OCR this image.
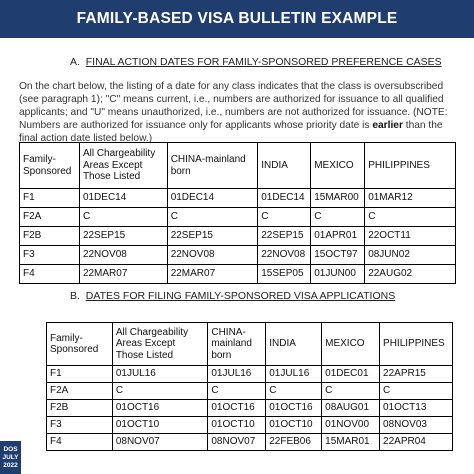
FAMILY-BASED VISA BULLETIN EXAMPLE
A. FINAL ACTION DATES FOR FAMILY-SPONSORED PREFERENCE CASES
On the chart below, the listing of a date for any class indicates that the class is oversubscribed (see paragraph 1); "C" means current, i.e., numbers are authorized for issuance to all qualified applicants; and "U" means unauthorized, i.e., numbers are not authorized for issuance. (NOTE: Numbers are authorized for issuance only for applicants whose priority date is earlier than the final action date listed below.)
Family-Sponsored	All Chargeability Areas Except Those Listed	CHINA-mainland born	INDIA	MEXICO	PHILIPPINES
F1	01DEC14	01DEC14	01DEC14	15MAR00	01MAR12
F2A	C	C	C	C	C
F2B	22SEP15	22SEP15	22SEP15	01APR01	22OCT11
F3	22NOV08	22NOV08	22NOV08	15OCT97	08JUN02
F4	22MAR07	22MAR07	15SEP05	01JUN00	22AUG02
B. DATES FOR FILING FAMILY-SPONSORED VISA APPLICATIONS
Family-Sponsored	All Chargeability Areas Except Those Listed	CHINA-mainland born	INDIA	MEXICO	PHILIPPINES
F1	01JUL16	01JUL16	01JUL16	01DEC01	22APR15
F2A	C	C	C	C	C
F2B	01OCT16	01OCT16	01OCT16	08AUG01	01OCT13
F3	01OCT10	01OCT10	01OCT10	01NOV00	08NOV03
F4	08NOV07	08NOV07	22FEB06	15MAR01	22APR04
DOS
JULY
2022
